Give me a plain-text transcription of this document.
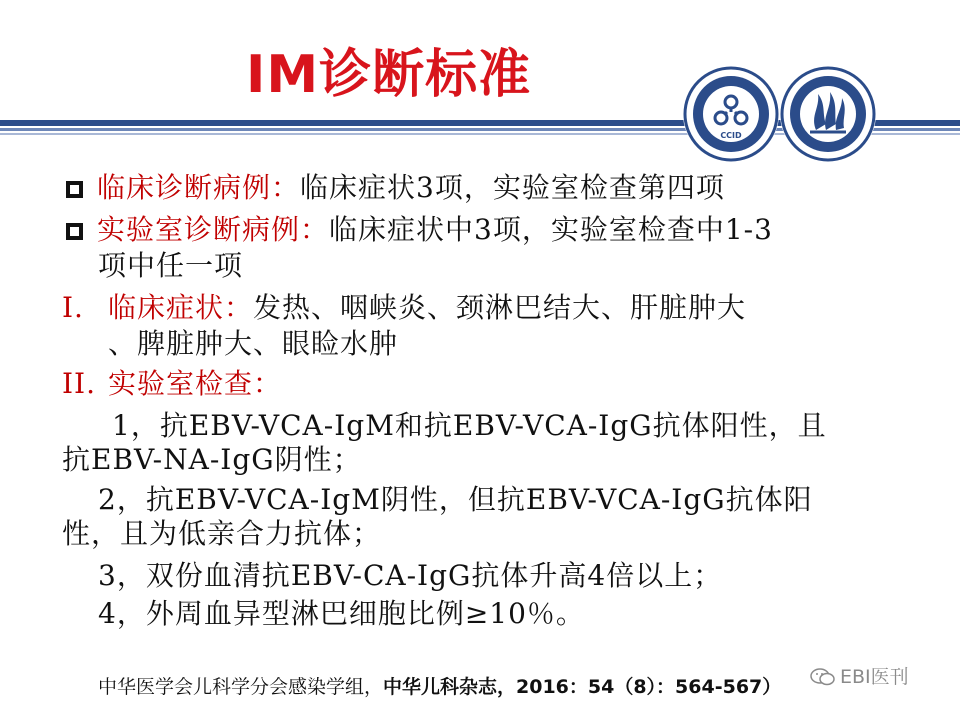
IM诊断标准
CCID
临床诊断病例：临床症状3项，实验室检查第四项
实验室诊断病例：临床症状中3项，实验室检查中1-3
项中任一项
I. 临床症状：发热、咽峡炎、颈淋巴结大、肝脏肿大
、脾脏肿大、眼睑水肿
II. 实验室检查：
1，抗EBV-VCA-IgM和抗EBV-VCA-IgG抗体阳性，且
抗EBV-NA-IgG阴性；
2，抗EBV-VCA-IgM阴性，但抗EBV-VCA-IgG抗体阳
性，且为低亲合力抗体；
3，双份血清抗EBV-CA-IgG抗体升高4倍以上；
4，外周血异型淋巴细胞比例≥10％。
中华医学会儿科学分会感染学组，中华儿科杂志，2016：54（8）：564-567）	EBI医刊
